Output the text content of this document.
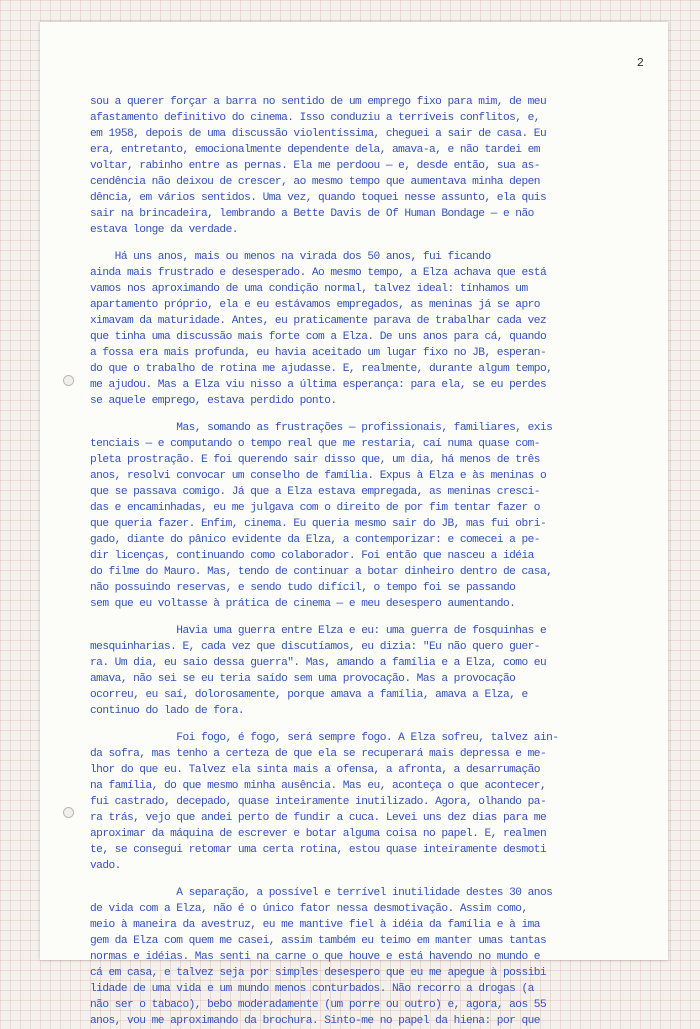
2
sou a querer forçar a barra no sentido de um emprego fixo para mim, de meu
afastamento definitivo do cinema. Isso conduziu a terríveis conflitos, e,
em 1958, depois de uma discussão violentíssima, cheguei a sair de casa. Eu
era, entretanto, emocionalmente dependente dela, amava-a, e não tardei em
voltar, rabinho entre as pernas. Ela me perdoou — e, desde então, sua as-
cendência não deixou de crescer, ao mesmo tempo que aumentava minha depen
dência, em vários sentidos. Uma vez, quando toquei nesse assunto, ela quis
sair na brincadeira, lembrando a Bette Davis de Of Human Bondage — e não
estava longe da verdade.
Há uns anos, mais ou menos na virada dos 50 anos, fui ficando
ainda mais frustrado e desesperado. Ao mesmo tempo, a Elza achava que está
vamos nos aproximando de uma condição normal, talvez ideal: tínhamos um
apartamento próprio, ela e eu estávamos empregados, as meninas já se apro
ximavam da maturidade. Antes, eu praticamente parava de trabalhar cada vez
que tinha uma discussão mais forte com a Elza. De uns anos para cá, quando
a fossa era mais profunda, eu havia aceitado um lugar fixo no JB, esperan-
do que o trabalho de rotina me ajudasse. E, realmente, durante algum tempo,
me ajudou. Mas a Elza viu nisso a última esperança: para ela, se eu perdes
se aquele emprego, estava perdido ponto.
Mas, somando as frustrações — profissionais, familiares, exis
tenciais — e computando o tempo real que me restaria, caí numa quase com-
pleta prostração. E foi querendo sair disso que, um dia, há menos de três
anos, resolvi convocar um conselho de família. Expus à Elza e às meninas o
que se passava comigo. Já que a Elza estava empregada, as meninas cresci-
das e encaminhadas, eu me julgava com o direito de por fim tentar fazer o
que queria fazer. Enfim, cinema. Eu queria mesmo sair do JB, mas fui obri-
gado, diante do pânico evidente da Elza, a contemporizar: e comecei a pe-
dir licenças, continuando como colaborador. Foi então que nasceu a idéia
do filme do Mauro. Mas, tendo de continuar a botar dinheiro dentro de casa,
não possuindo reservas, e sendo tudo difícil, o tempo foi se passando
sem que eu voltasse à prática de cinema — e meu desespero aumentando.
Havia uma guerra entre Elza e eu: uma guerra de fosquinhas e
mesquinharias. E, cada vez que discutíamos, eu dizia: "Eu não quero guer-
ra. Um dia, eu saio dessa guerra". Mas, amando a família e a Elza, como eu
amava, não sei se eu teria saído sem uma provocação. Mas a provocação
ocorreu, eu saí, dolorosamente, porque amava a família, amava a Elza, e
continuo do lado de fora.
Foi fogo, é fogo, será sempre fogo. A Elza sofreu, talvez ain-
da sofra, mas tenho a certeza de que ela se recuperará mais depressa e me-
lhor do que eu. Talvez ela sinta mais a ofensa, a afronta, a desarrumação
na família, do que mesmo minha ausência. Mas eu, aconteça o que acontecer,
fui castrado, decepado, quase inteiramente inutilizado. Agora, olhando pa-
ra trás, vejo que andei perto de fundir a cuca. Levei uns dez dias para me
aproximar da máquina de escrever e botar alguma coisa no papel. E, realmen
te, se consegui retomar uma certa rotina, estou quase inteiramente desmoti
vado.
A separação, a possível e terrível inutilidade destes 30 anos
de vida com a Elza, não é o único fator nessa desmotivação. Assim como,
meio à maneira da avestruz, eu me mantive fiel à idéia da família e à ima
gem da Elza com quem me casei, assim também eu teimo em manter umas tantas
normas e idéias. Mas senti na carne o que houve e está havendo no mundo e
cá em casa, e talvez seja por simples desespero que eu me apegue à possibi
lidade de uma vida e um mundo menos conturbados. Não recorro a drogas (a
não ser o tabaco), bebo moderadamente (um porre ou outro) e, agora, aos 55
anos, vou me aproximando da brochura. Sinto-me no papel da hiena: por que
